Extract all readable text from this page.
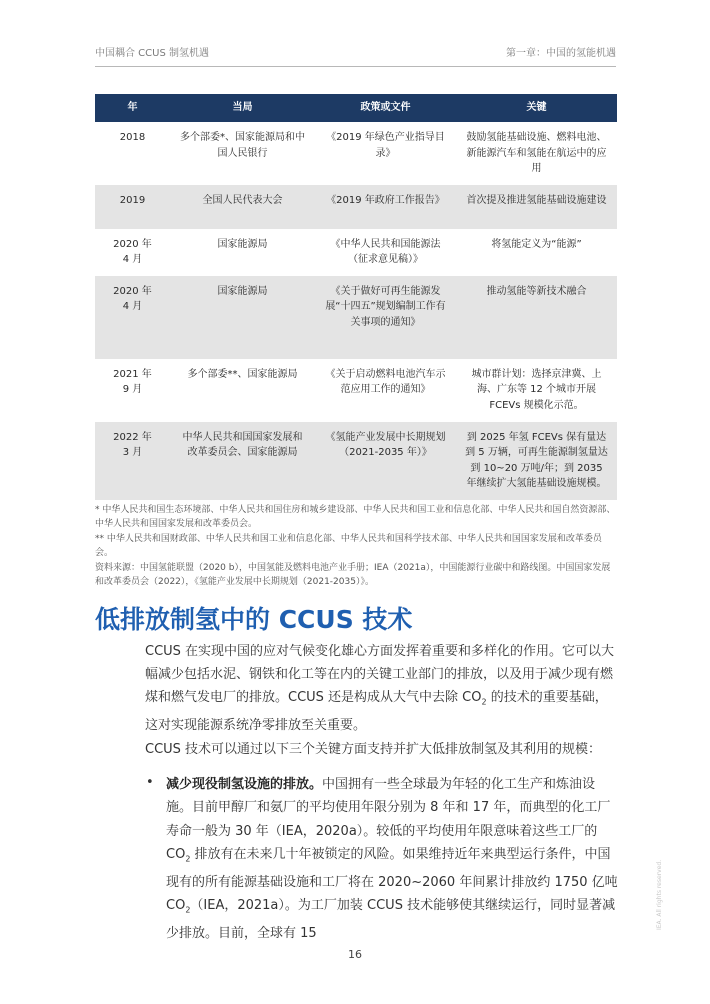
中国耦合 CCUS 制氢机遇	第一章：中国的氢能机遇
年	当局	政策或文件	关键
2018	多个部委*、国家能源局和中国人民银行	《2019 年绿色产业指导目录》	鼓励氢能基础设施、燃料电池、新能源汽车和氢能在航运中的应用
2019	全国人民代表大会	《2019 年政府工作报告》	首次提及推进氢能基础设施建设
2020 年 4 月	国家能源局	《中华人民共和国能源法（征求意见稿）》	将氢能定义为“能源”
2020 年 4 月	国家能源局	《关于做好可再生能源发展“十四五”规划编制工作有关事项的通知》	推动氢能等新技术融合
2021 年 9 月	多个部委**、国家能源局	《关于启动燃料电池汽车示范应用工作的通知》	城市群计划：选择京津冀、上海、广东等 12 个城市开展 FCEVs 规模化示范。
2022 年 3 月	中华人民共和国国家发展和改革委员会、国家能源局	《氢能产业发展中长期规划（2021-2035 年）》	到 2025 年氢 FCEVs 保有量达到 5 万辆，可再生能源制氢量达到 10~20 万吨/年；到 2035 年继续扩大氢能基础设施规模。

* 中华人民共和国生态环境部、中华人民共和国住房和城乡建设部、中华人民共和国工业和信息化部、中华人民共和国自然资源部、中华人民共和国国家发展和改革委员会。

** 中华人民共和国财政部、中华人民共和国工业和信息化部、中华人民共和国科学技术部、中华人民共和国国家发展和改革委员会。

资料来源：中国氢能联盟（2020 b），中国氢能及燃料电池产业手册；IEA（2021a），中国能源行业碳中和路线图。中国国家发展和改革委员会（2022），《氢能产业发展中长期规划（2021-2035）》。

低排放制氢中的 CCUS 技术

CCUS 在实现中国的应对气候变化雄心方面发挥着重要和多样化的作用。它可以大幅减少包括水泥、钢铁和化工等在内的关键工业部门的排放，以及用于减少现有燃煤和燃气发电厂的排放。CCUS 还是构成从大气中去除 $CO_2$ 的技术的重要基础，这对实现能源系统净零排放至关重要。

CCUS 技术可以通过以下三个关键方面支持并扩大低排放制氢及其利用的规模：

• 减少现役制氢设施的排放。中国拥有一些全球最为年轻的化工生产和炼油设施。目前甲醇厂和氨厂的平均使用年限分别为 8 年和 17 年，而典型的化工厂寿命一般为 30 年（IEA，2020a）。较低的平均使用年限意味着这些工厂的 $CO_2$ 排放有在未来几十年被锁定的风险。如果维持近年来典型运行条件，中国现有的所有能源基础设施和工厂将在 2020~2060 年间累计排放约 1750 亿吨 $CO_2(IEA$，2021a）。为工厂加装 CCUS 技术能够使其继续运行，同时显著减少排放。目前，全球有 15

16
IEA. All rights reserved.
